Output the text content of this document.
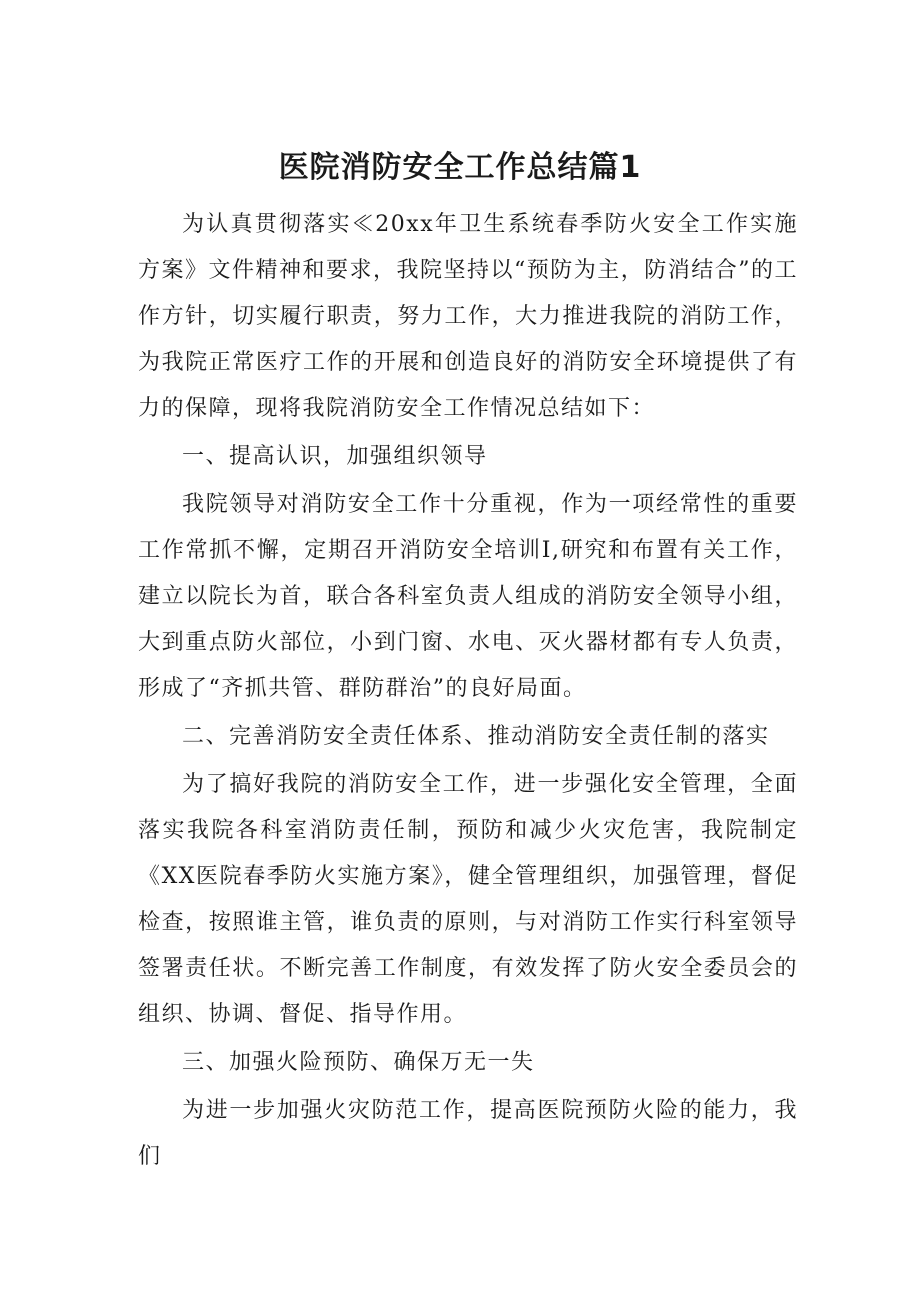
医院消防安全工作总结篇1

为认真贯彻落实≪20xx年卫生系统春季防火安全工作实施方案》文件精神和要求，我院坚持以“预防为主，防消结合”的工作方针，切实履行职责，努力工作，大力推进我院的消防工作，为我院正常医疗工作的开展和创造良好的消防安全环境提供了有力的保障，现将我院消防安全工作情况总结如下：

一、提高认识，加强组织领导

我院领导对消防安全工作十分重视，作为一项经常性的重要工作常抓不懈，定期召开消防安全培训I,研究和布置有关工作，建立以院长为首，联合各科室负责人组成的消防安全领导小组，大到重点防火部位，小到门窗、水电、灭火器材都有专人负责，形成了“齐抓共管、群防群治”的良好局面。

二、完善消防安全责任体系、推动消防安全责任制的落实

为了搞好我院的消防安全工作，进一步强化安全管理，全面落实我院各科室消防责任制，预防和减少火灾危害，我院制定《XX医院春季防火实施方案》，健全管理组织，加强管理，督促检查，按照谁主管，谁负责的原则，与对消防工作实行科室领导签署责任状。不断完善工作制度，有效发挥了防火安全委员会的组织、协调、督促、指导作用。

三、加强火险预防、确保万无一失

为进一步加强火灾防范工作，提高医院预防火险的能力，我们
